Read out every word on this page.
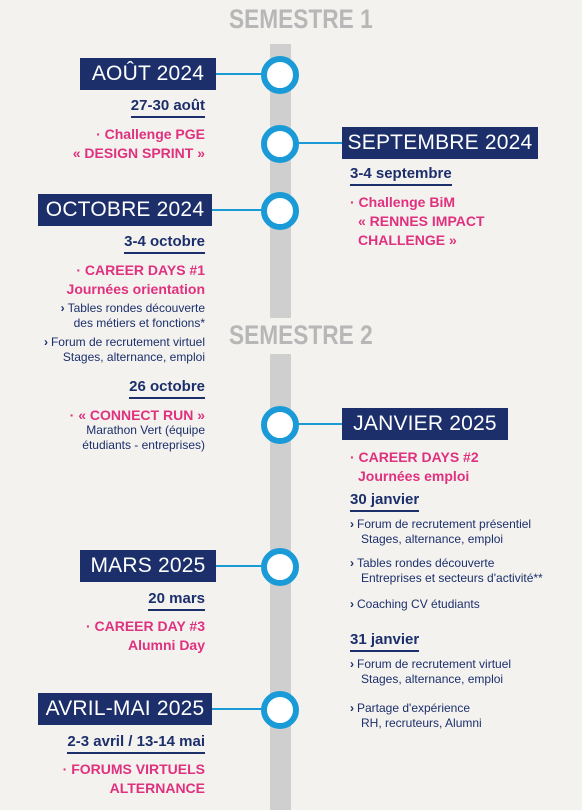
SEMESTRE 1
SEMESTRE 2
AOÛT 2024
27-30 août
· Challenge PGE
« DESIGN SPRINT »	SEPTEMBRE 2024
3-4 septembre
· Challenge BiM
« RENNES IMPACT
CHALLENGE »
OCTOBRE 2024
3-4 octobre
· CAREER DAYS #1
Journées orientation
› Tables rondes découverte
des métiers et fonctions*
› Forum de recrutement virtuel
Stages, alternance, emploi
26 octobre
· « CONNECT RUN »
Marathon Vert (équipe
étudiants - entreprises)
JANVIER 2025
· CAREER DAYS #2
Journées emploi
30 janvier
› Forum de recrutement présentiel
Stages, alternance, emploi
› Tables rondes découverte
Entreprises et secteurs d'activité**
› Coaching CV étudiants
31 janvier
› Forum de recrutement virtuel
Stages, alternance, emploi
› Partage d'expérience
RH, recruteurs, Alumni
MARS 2025
20 mars
· CAREER DAY #3
Alumni Day
AVRIL-MAI 2025
2-3 avril / 13-14 mai
· FORUMS VIRTUELS
ALTERNANCE
